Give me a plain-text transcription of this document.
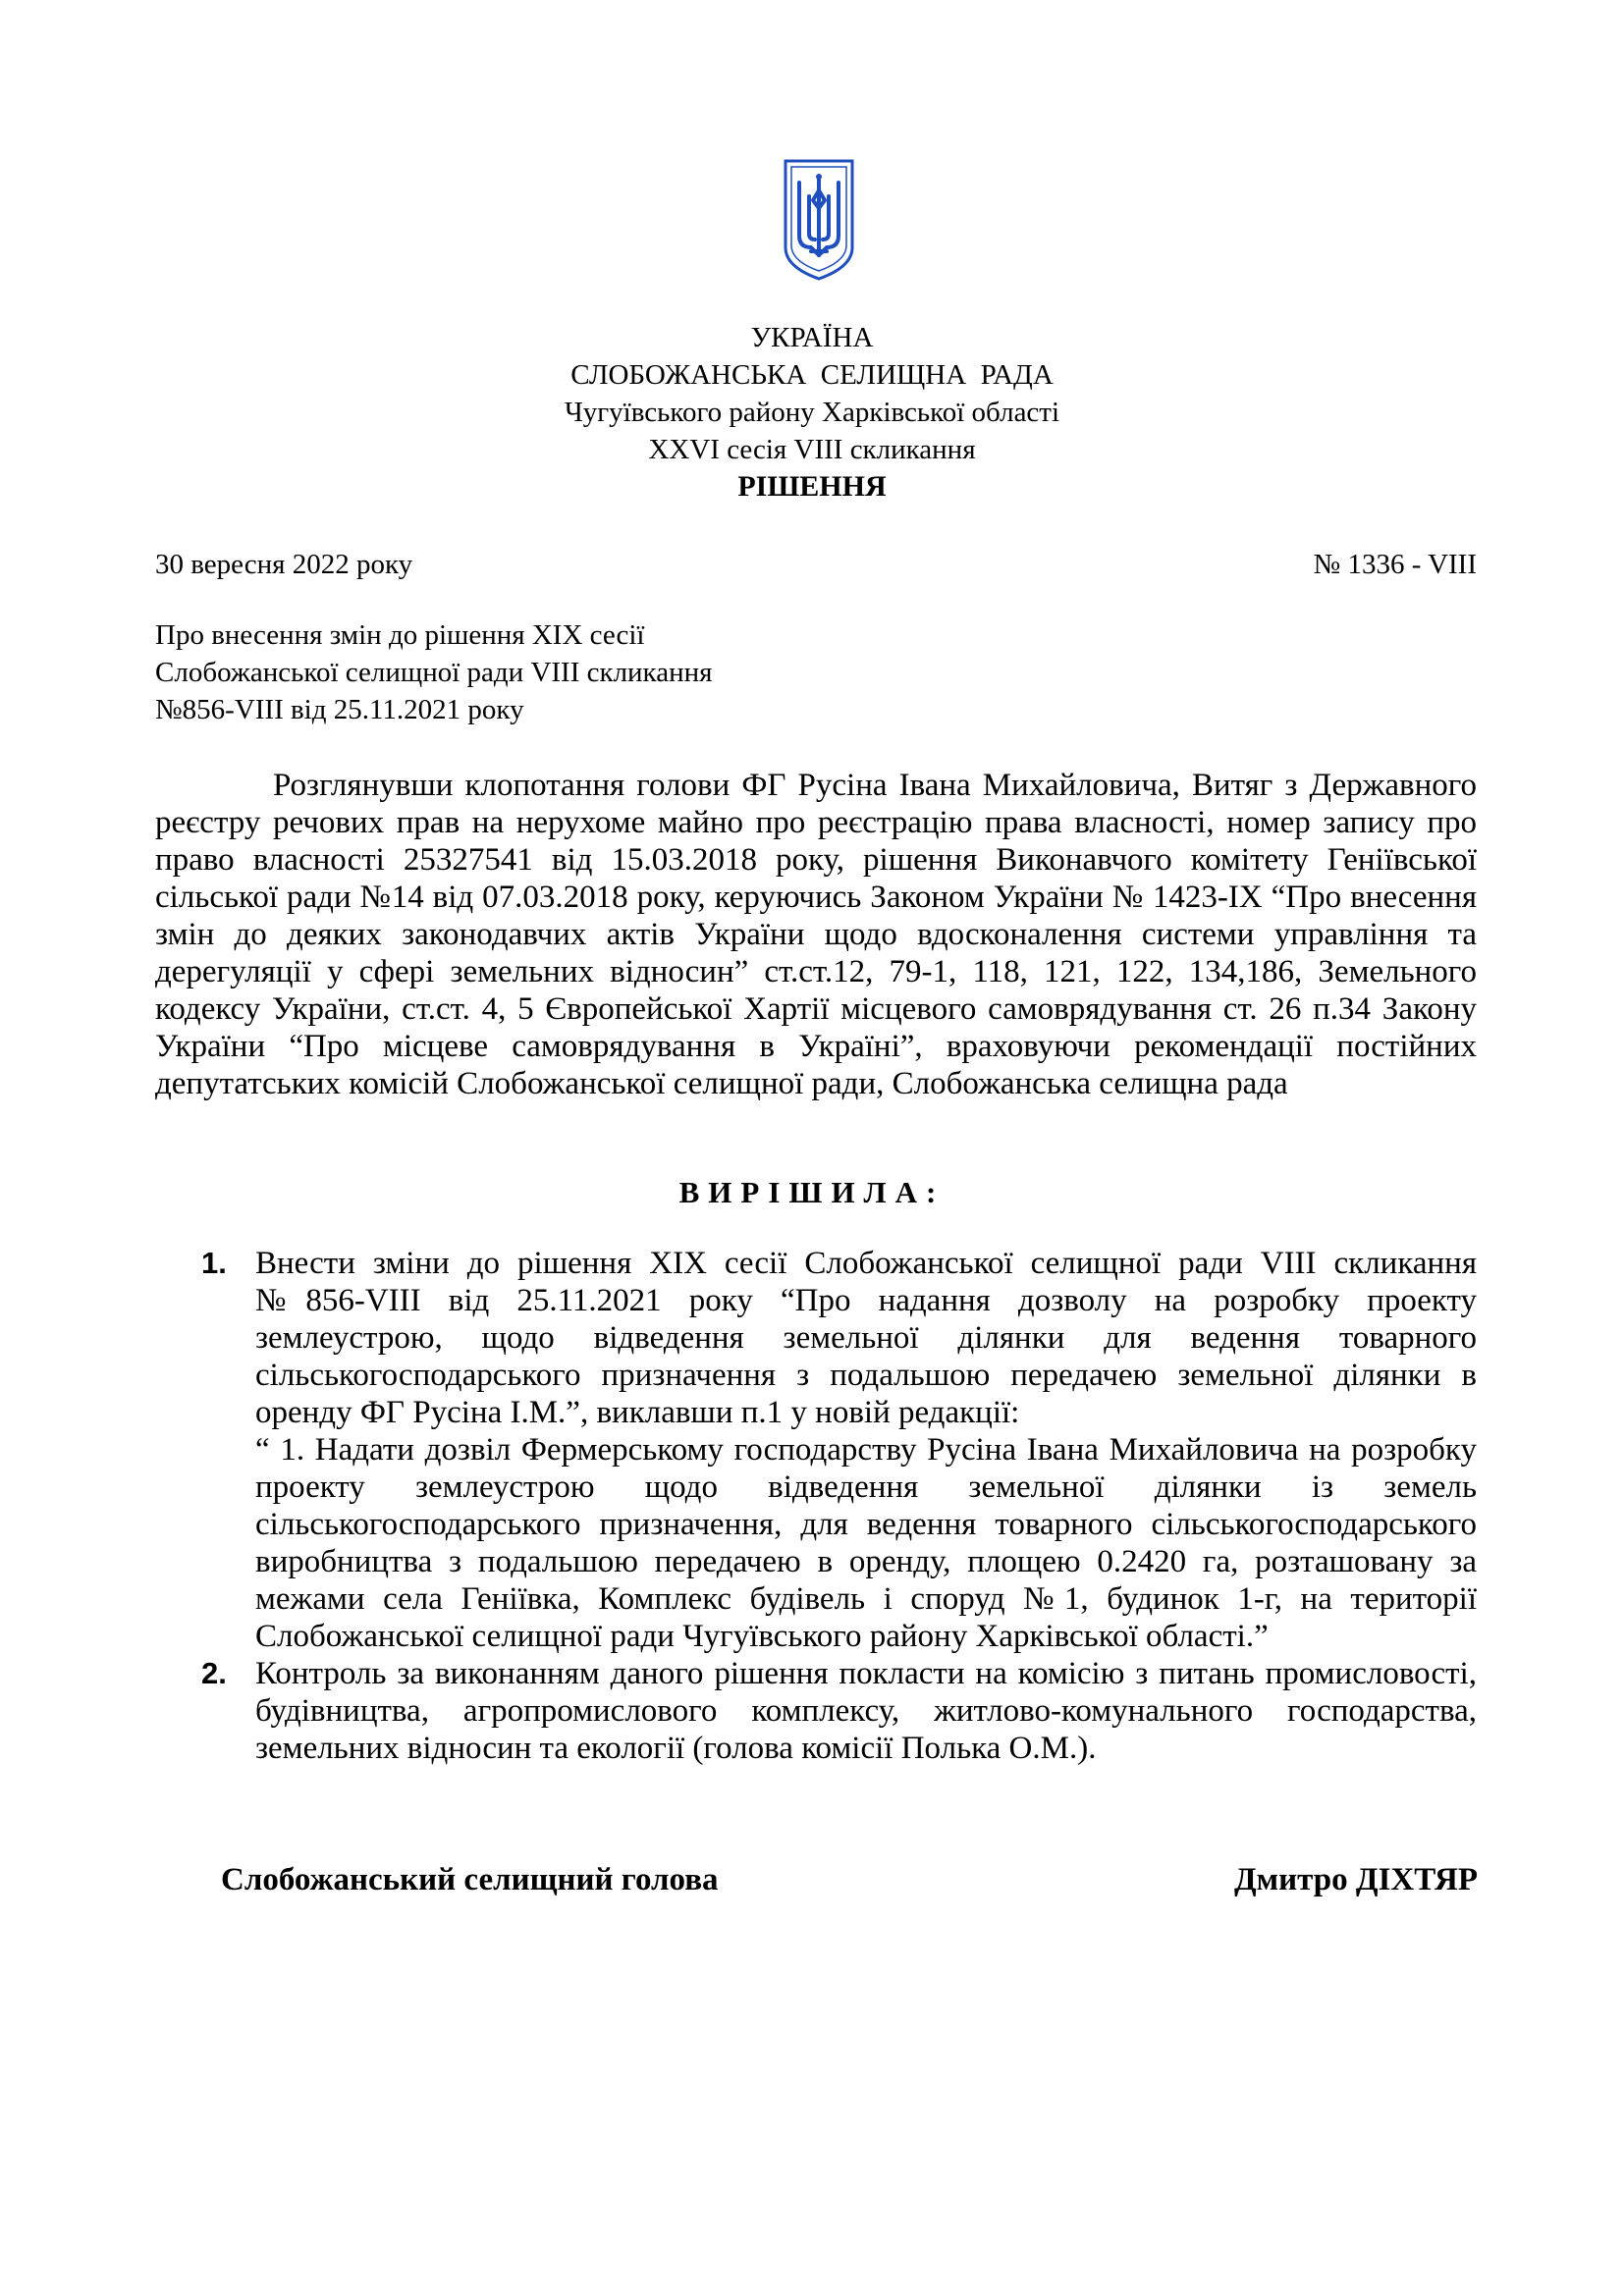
УКРАЇНА
СЛОБОЖАНСЬКА  СЕЛИЩНА  РАДА
Чугуївського району Харківської області
XXVI сесія VIII скликання
РІШЕННЯ
30 вересня 2022 року	№ 1336 - VIII
Про внесення змін до рішення XIX сесії
Слобожанської селищної ради VIII скликання
№856-VIII від 25.11.2021 року
Розглянувши клопотання голови ФГ Русіна Івана Михайловича, Витяг з Державного реєстру речових прав на нерухоме майно про реєстрацію права власності, номер запису про право власності 25327541 від 15.03.2018 року, рішення Виконавчого комітету Геніївської сільської ради №14 від 07.03.2018 року, керуючись Законом України № 1423-IX “Про внесення змін до деяких законодавчих актів України щодо вдосконалення системи управління та дерегуляції у сфері земельних відносин” ст.ст.12, 79-1, 118, 121, 122, 134,186, Земельного кодексу України, ст.ст. 4, 5 Європейської Хартії місцевого самоврядування ст. 26 п.34 Закону України “Про місцеве самоврядування в Україні”, враховуючи рекомендації постійних депутатських комісій Слобожанської селищної ради, Слобожанська селищна рада
ВИРІШИЛА:
1. Внести зміни до рішення XIX сесії Слобожанської селищної ради VIII скликання №856-VIII від 25.11.2021 року “Про надання дозволу на розробку проекту землеустрою, щодо відведення земельної ділянки для ведення товарного сільськогосподарського призначення з подальшою передачею земельної ділянки в оренду ФГ Русіна І.М.”, виклавши п.1 у новій редакції:
“ 1. Надати дозвіл Фермерському господарству Русіна Івана Михайловича на розробку проекту землеустрою щодо відведення земельної ділянки із земель сільськогосподарського призначення, для ведення товарного сільськогосподарського виробництва з подальшою передачею в оренду, площею 0.2420 га, розташовану за межами села Геніївка, Комплекс будівель і споруд №1, будинок 1-г, на території Слобожанської селищної ради Чугуївського району Харківської області.”
2. Контроль за виконанням даного рішення покласти на комісію з питань промисловості, будівництва, агропромислового комплексу, житлово-комунального господарства, земельних відносин та екології (голова комісії Полька О.М.).
Слобожанський селищний голова	Дмитро ДІХТЯР
